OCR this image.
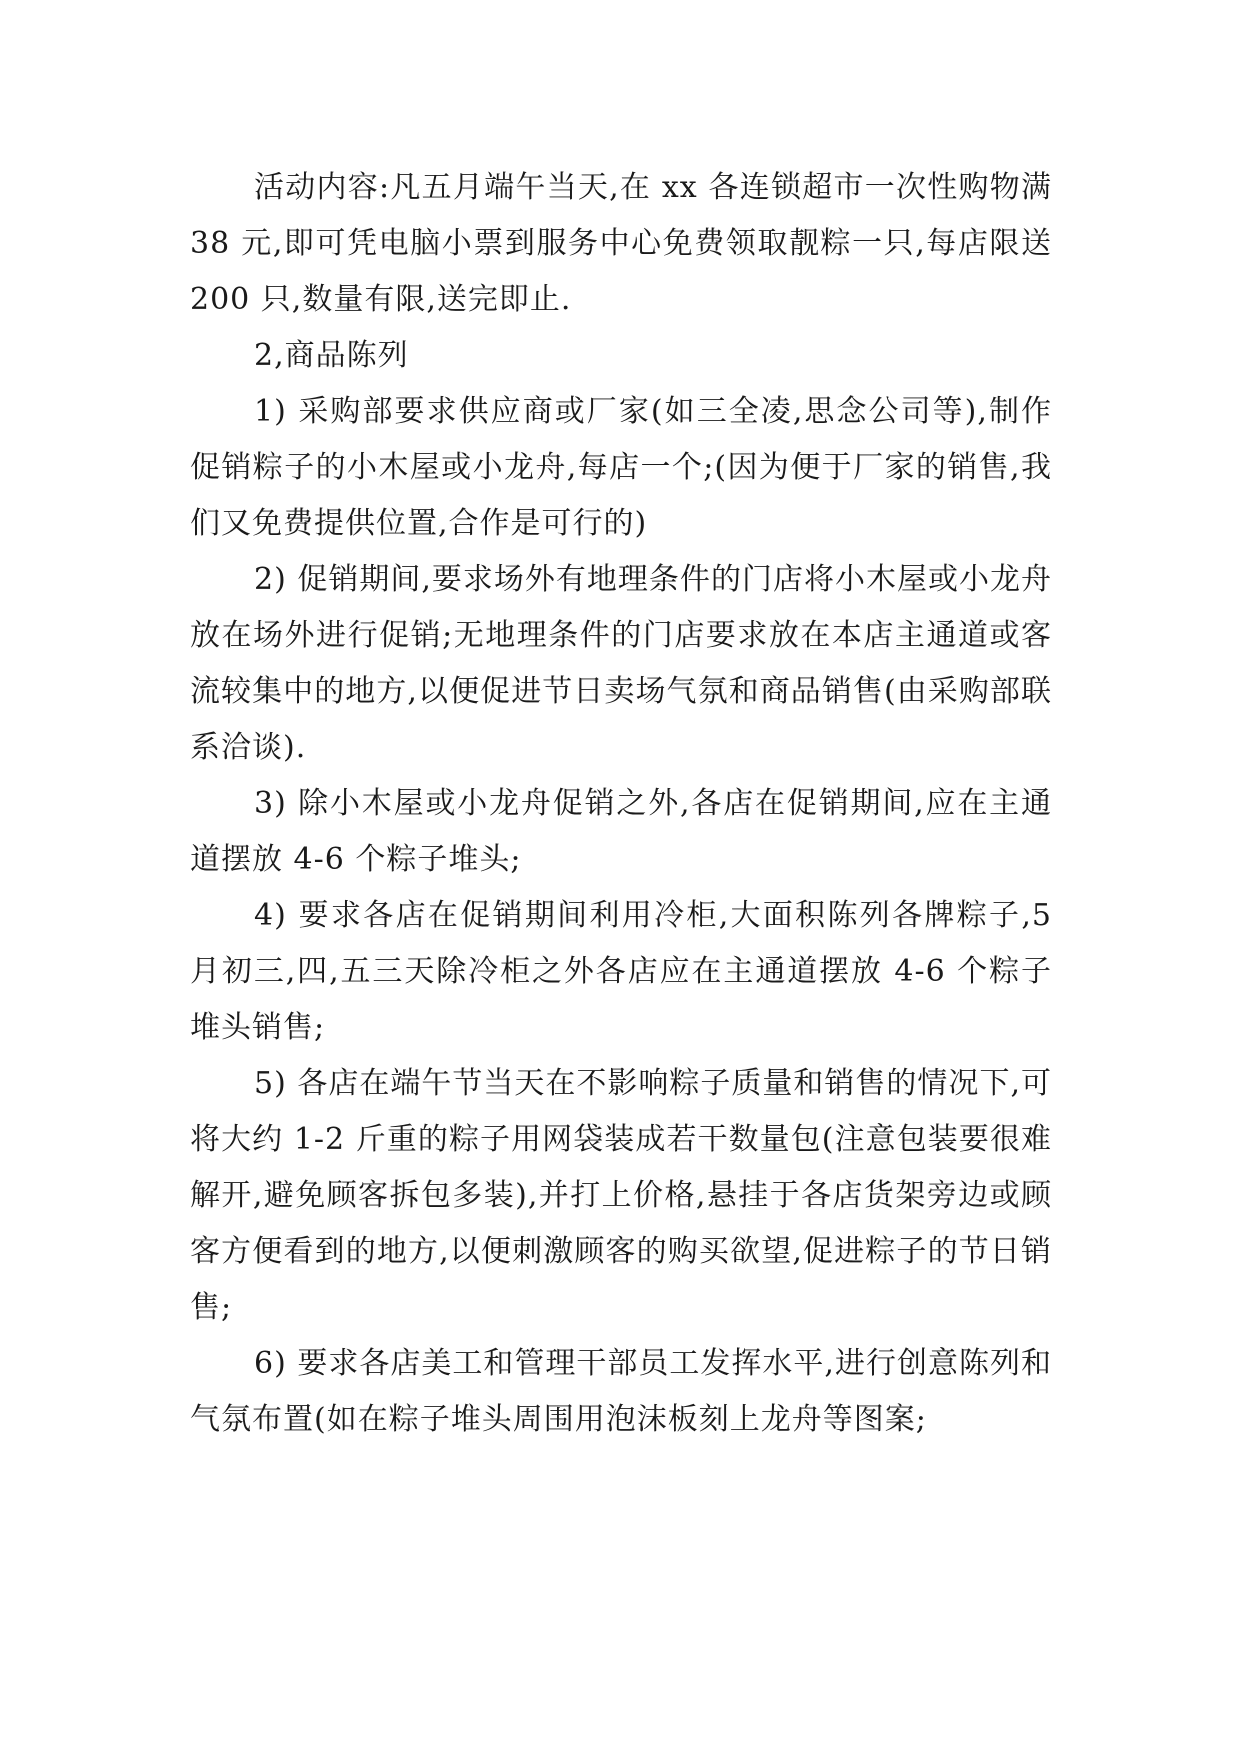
活动内容:凡五月端午当天,在 xx 各连锁超市一次性购物满 38 元,即可凭电脑小票到服务中心免费领取靓粽一只,每店限送 200 只,数量有限,送完即止.

2,商品陈列

1) 采购部要求供应商或厂家(如三全凌,思念公司等),制作促销粽子的小木屋或小龙舟,每店一个;(因为便于厂家的销售,我们又免费提供位置,合作是可行的)

2) 促销期间,要求场外有地理条件的门店将小木屋或小龙舟放在场外进行促销;无地理条件的门店要求放在本店主通道或客流较集中的地方,以便促进节日卖场气氛和商品销售(由采购部联系洽谈).

3) 除小木屋或小龙舟促销之外,各店在促销期间,应在主通道摆放 4-6 个粽子堆头;

4) 要求各店在促销期间利用冷柜,大面积陈列各牌粽子,5 月初三,四,五三天除冷柜之外各店应在主通道摆放 4-6 个粽子堆头销售;

5) 各店在端午节当天在不影响粽子质量和销售的情况下,可将大约 1-2 斤重的粽子用网袋装成若干数量包(注意包装要很难解开,避免顾客拆包多装),并打上价格,悬挂于各店货架旁边或顾客方便看到的地方,以便刺激顾客的购买欲望,促进粽子的节日销售;

6) 要求各店美工和管理干部员工发挥水平,进行创意陈列和气氛布置(如在粽子堆头周围用泡沫板刻上龙舟等图案;
